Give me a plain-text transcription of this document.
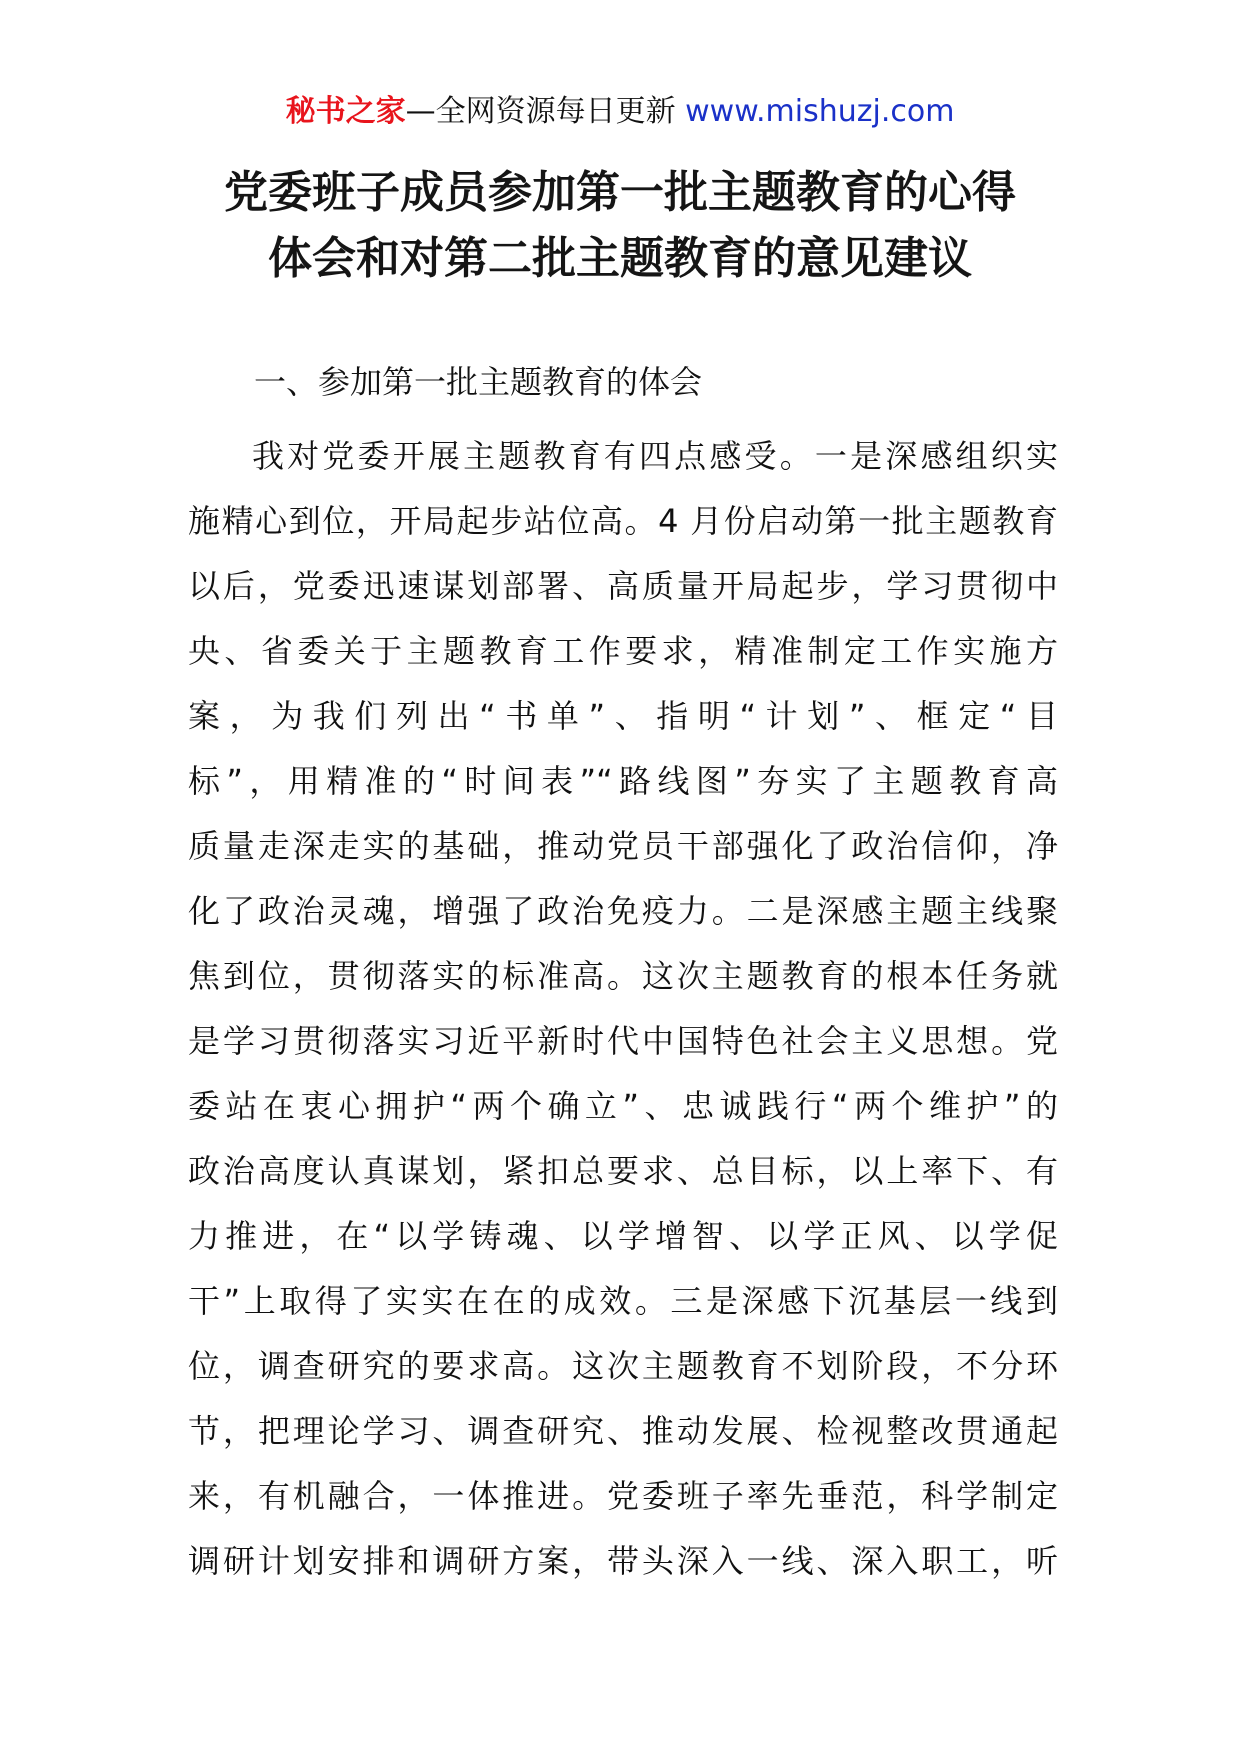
秘书之家—全网资源每日更新 www.mishuzj.com
党委班子成员参加第一批主题教育的心得
体会和对第二批主题教育的意见建议
一、参加第一批主题教育的体会
我对党委开展主题教育有四点感受。一是深感组织实
施精心到位，开局起步站位高。4 月份启动第一批主题教育
以后，党委迅速谋划部署、高质量开局起步，学习贯彻中
央、省委关于主题教育工作要求，精准制定工作实施方
案，为我们列出“书单”、指明“计划”、框定“目
标”，用精准的“时间表”“路线图”夯实了主题教育高
质量走深走实的基础，推动党员干部强化了政治信仰，净
化了政治灵魂，增强了政治免疫力。二是深感主题主线聚
焦到位，贯彻落实的标准高。这次主题教育的根本任务就
是学习贯彻落实习近平新时代中国特色社会主义思想。党
委站在衷心拥护“两个确立”、忠诚践行“两个维护”的
政治高度认真谋划，紧扣总要求、总目标，以上率下、有
力推进，在“以学铸魂、以学增智、以学正风、以学促
干”上取得了实实在在的成效。三是深感下沉基层一线到
位，调查研究的要求高。这次主题教育不划阶段，不分环
节，把理论学习、调查研究、推动发展、检视整改贯通起
来，有机融合，一体推进。党委班子率先垂范，科学制定
调研计划安排和调研方案，带头深入一线、深入职工，听
